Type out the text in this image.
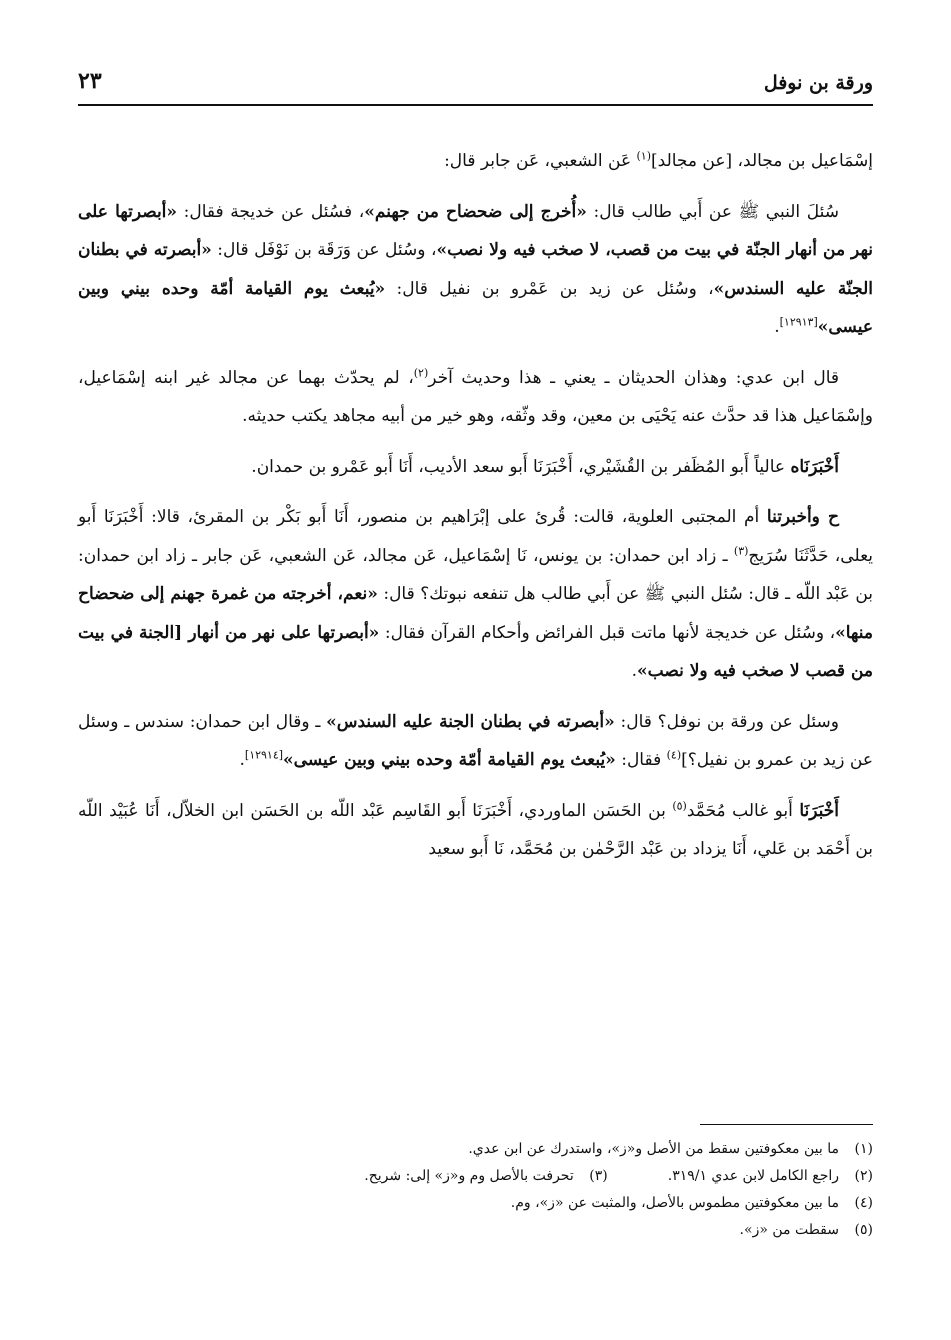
ورقة بن نوفل
٢٣

إسْمَاعيل بن مجالد، [عن مجالد]$^{(١)}$ عَن الشعبي، عَن جابر قال:

سُئلَ النبي ﷺ عن أَبي طالب قال: «أُخرج إلى ضحضاح من جهنم»، فسُئل عن خديجة فقال: «أبصرتها على نهر من أنهار الجنّة في بيت من قصب، لا صخب فيه ولا نصب»، وسُئل عن وَرَقَة بن نَوْفَل قال: «أبصرته في بطنان الجنّة عليه السندس»، وسُئل عن زيد بن عَمْرو بن نفيل قال: «يُبعث يوم القيامة أمّة وحده بيني وبين عيسى»[١٢٩١٣].

قال ابن عدي: وهذان الحديثان ـ يعني ـ هذا وحديث آخر$^{(٢)}$، لم يحدّث بهما عن مجالد غير ابنه إسْمَاعيل، وإسْمَاعيل هذا قد حدَّث عنه يَحْيَى بن معين، وقد وثّقه، وهو خير من أبيه مجاهد يكتب حديثه.

أَخْبَرَنَاه عالياً أَبو المُظَفر بن القُشَيْري، أَخْبَرَنَا أَبو سعد الأديب، أَنَا أَبو عَمْرو بن حمدان.

ح وأخبرتنا أم المجتبى العلوية، قالت: قُرئ على إبْرَاهيم بن منصور، أَنَا أَبو بَكْر بن المقرئ، قالا: أَخْبَرَنَا أَبو يعلى، حَدَّثَنَا سُرَيج$^{(٣)}$ ـ زاد ابن حمدان: بن يونس، نَا إسْمَاعيل، عَن مجالد، عَن الشعبي، عَن جابر ـ زاد ابن حمدان: بن عَبْد اللّه ـ قال: سُئل النبي ﷺ عن أَبي طالب هل تنفعه نبوتك؟ قال: «نعم، أخرجته من غمرة جهنم إلى ضحضاح منها»، وسُئل عن خديجة لأنها ماتت قبل الفرائض وأحكام القرآن فقال: «أبصرتها على نهر من أنهار [الجنة في بيت من قصب لا صخب فيه ولا نصب».

وسئل عن ورقة بن نوفل؟ قال: «أبصرته في بطنان الجنة عليه السندس» ـ وقال ابن حمدان: سندس ـ وسئل عن زيد بن عمرو بن نفيل؟]$^{(٤)}$ فقال: «يُبعث يوم القيامة أمّة وحده بيني وبين عيسى»[١٢٩١٤].

أَخْبَرَنَا أَبو غالب مُحَمَّد$^{(٥)}$ بن الحَسَن الماوردي، أَخْبَرَنَا أَبو القَاسِم عَبْد اللّه بن الحَسَن ابن الخلاّل، أَنَا عُبَيْد اللّه بن أَحْمَد بن عَلي، أَنَا يزداد بن عَبْد الرَّحْمٰن بن مُحَمَّد، نَا أَبو سعيد

(١)ما بين معكوفتين سقط من الأصل و«ز»، واستدرك عن ابن عدي.

(٢)راجع الكامل لابن عدي ٣١٩/١.(٣)تحرفت بالأصل وم و«ز» إلى: شريح.

(٤)ما بين معكوفتين مطموس بالأصل، والمثبت عن «ز»، وم.

(٥)سقطت من «ز».
